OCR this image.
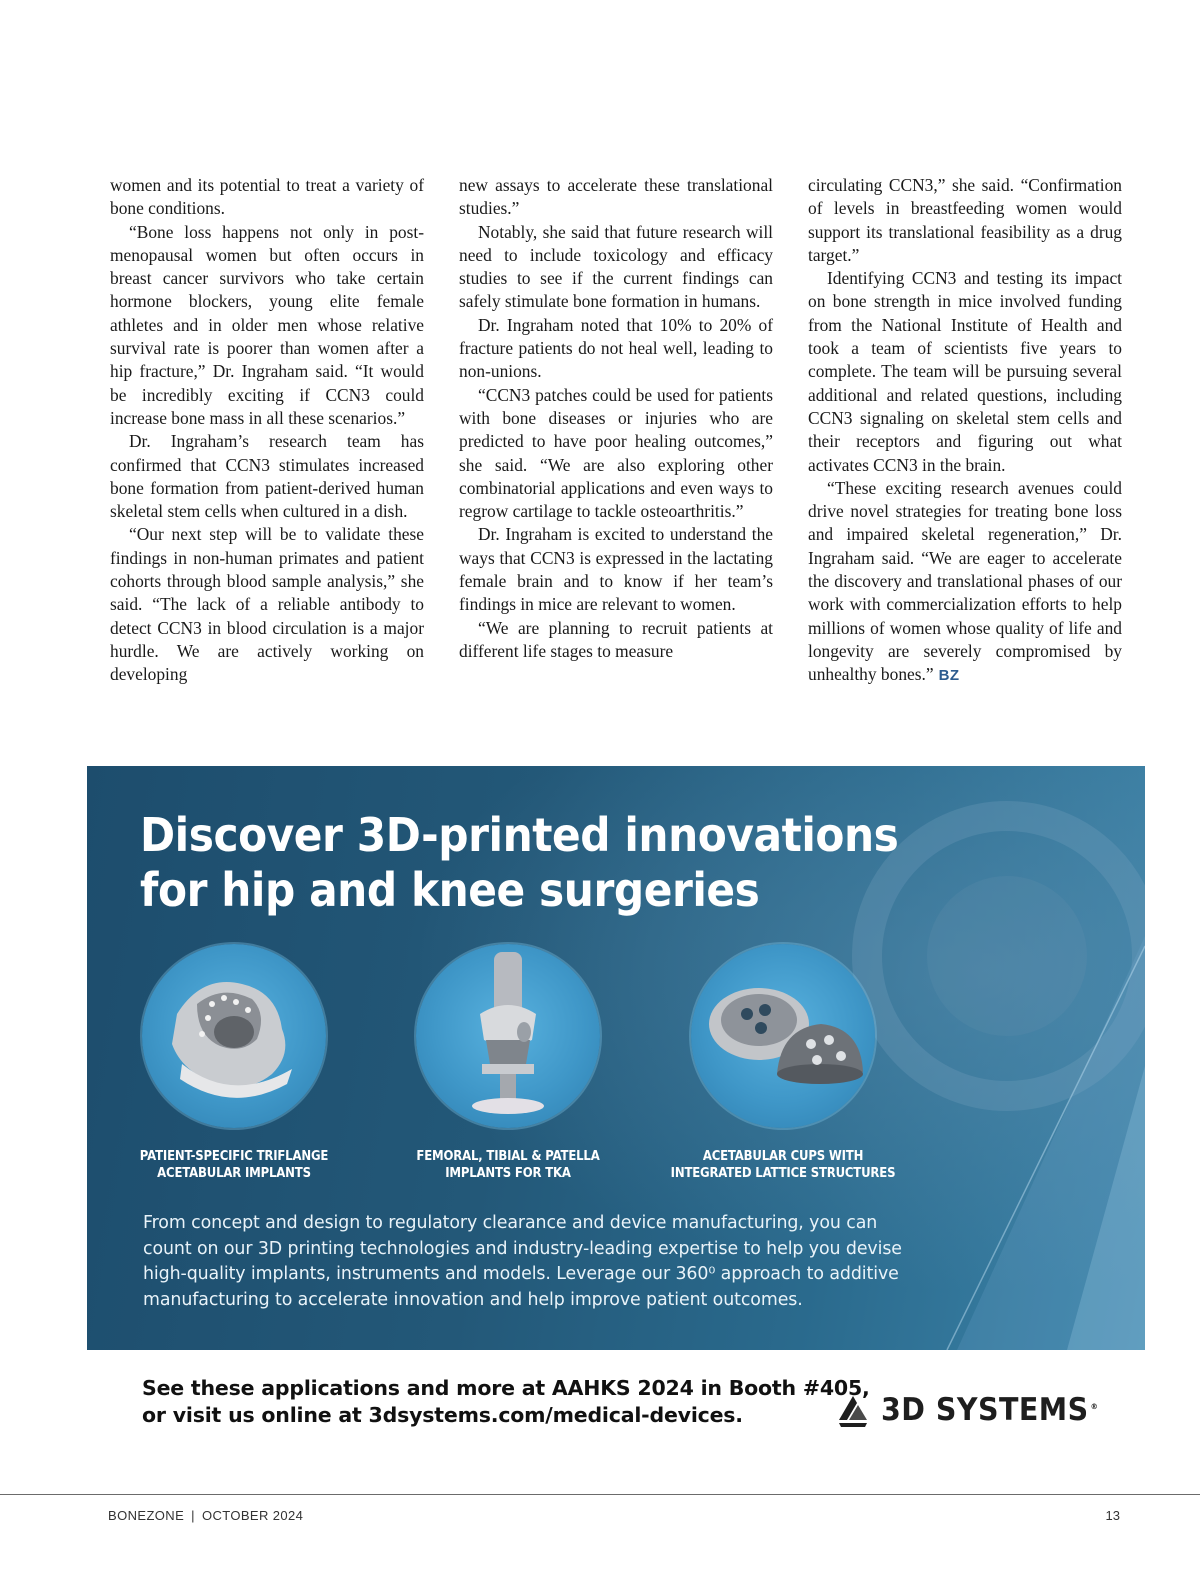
women and its potential to treat a variety of bone conditions.

“Bone loss happens not only in post-menopausal women but often occurs in breast cancer survivors who take certain hormone blockers, young elite female athletes and in older men whose relative survival rate is poorer than women after a hip fracture,” Dr. Ingraham said. “It would be incredibly exciting if CCN3 could increase bone mass in all these scenarios.”

Dr. Ingraham’s research team has confirmed that CCN3 stimulates increased bone formation from patient-derived human skeletal stem cells when cultured in a dish.

“Our next step will be to validate these findings in non-human primates and patient cohorts through blood sample analysis,” she said. “The lack of a reliable antibody to detect CCN3 in blood circulation is a major hurdle. We are actively working on developing

new assays to accelerate these translational studies.”

Notably, she said that future research will need to include toxicology and efficacy studies to see if the current findings can safely stimulate bone formation in humans.

Dr. Ingraham noted that 10% to 20% of fracture patients do not heal well, leading to non-unions.

“CCN3 patches could be used for patients with bone diseases or injuries who are predicted to have poor healing outcomes,” she said. “We are also exploring other combinatorial applications and even ways to regrow cartilage to tackle osteoarthritis.”

Dr. Ingraham is excited to understand the ways that CCN3 is expressed in the lactating female brain and to know if her team’s findings in mice are relevant to women.

“We are planning to recruit patients at different life stages to measure

circulating CCN3,” she said. “Confirmation of levels in breastfeeding women would support its translational feasibility as a drug target.”

Identifying CCN3 and testing its impact on bone strength in mice involved funding from the National Institute of Health and took a team of scientists five years to complete. The team will be pursuing several additional and related questions, including CCN3 signaling on skeletal stem cells and their receptors and figuring out what activates CCN3 in the brain.

“These exciting research avenues could drive novel strategies for treating bone loss and impaired skeletal regeneration,” Dr. Ingraham said. “We are eager to accelerate the discovery and translational phases of our work with commercialization efforts to help millions of women whose quality of life and longevity are severely compromised by unhealthy bones.” BZ

Discover 3D-printed innovations
for hip and knee surgeries
PATIENT-SPECIFIC TRIFLANGE
ACETABULAR IMPLANTS
FEMORAL, TIBIAL & PATELLA
IMPLANTS FOR TKA
ACETABULAR CUPS WITH
INTEGRATED LATTICE STRUCTURES

From concept and design to regulatory clearance and device manufacturing, you can count on our 3D printing technologies and industry-leading expertise to help you devise high-quality implants, instruments and models. Leverage our 360⁰ approach to additive manufacturing to accelerate innovation and help improve patient outcomes.

See these applications and more at AAHKS 2024 in Booth #405,
or visit us online at 3dsystems.com/medical-devices.	3D SYSTEMS ®
BONEZONE | OCTOBER 2024	13
